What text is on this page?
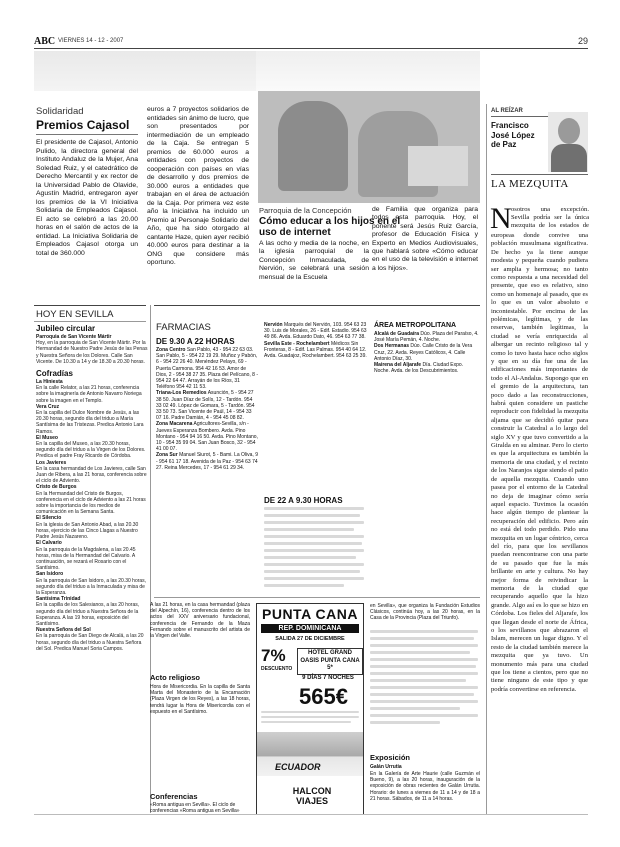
ABC VIERNES 14 - 12 - 2007	29
Solidaridad
Premios Cajasol
El presidente de Cajasol, Antonio Pulido, la directora general del Instituto Andaluz de la Mujer, Ana Soledad Ruiz, y el catedrático de Derecho Mercantil y ex rector de la Universidad Pablo de Olavide, Agustín Madrid, entregaron ayer los premios de la VI Iniciativa Solidaria de Empleados Cajasol. El acto se celebró a las 20.00 horas en el salón de actos de la entidad. La Iniciativa Solidaria de Empleados Cajasol otorga un total de 360.000
euros a 7 proyectos solidarios de entidades sin ánimo de lucro, que son presentados por intermediación de un empleado de la Caja. Se entregan 5 premios de 60.000 euros a entidades con proyectos de cooperación con países en vías de desarrollo y dos premios de 30.000 euros a entidades que trabajan en el área de actuación de la Caja. Por primera vez este año la Iniciativa ha incluido un Premio al Personaje Solidario del Año, que ha sido otorgado al cantante Haze, quien ayer recibió 40.000 euros para destinar a la ONG que considere más oportuno.
Parroquia de la Concepción
Cómo educar a los hijos en el uso de internet
A las ocho y media de la noche, en la iglesia parroquial de la Concepción Inmaculada, de Nervión, se celebrará una sesión mensual de la Escuela
de Familia que organiza para todos esta parroquia. Hoy, el ponente será Jesús Ruiz García, profesor de Educación Física y Experto en Medios Audiovisuales, que hablará sobre «Cómo educar en el uso de la televisión e internet a los hijos».
AL REÍZAR
Francisco José López de Paz
LA MEZQUITA
N osotros una excepción. Sevilla podría ser la única mezquita de los estados de
europeas donde convive una población musulmana significativa. De hecho ya la tiene aunque modesta y pequeña cuando pudiera ser amplia y hermosa; no tanto como respuesta a una necesidad del presente, que eso es relativo, sino como un homenaje al pasado, que es lo que es un valor absoluto e incontestable. Por encima de las polémicas, legítimas, y de las reservas, también legítimas, la ciudad se vería enriquecida al albergar un recinto religioso tal y como lo tuvo hasta hace ocho siglos y que en su día fue una de las edificaciones más importantes de todo el Al-Andalus. Supongo que en el gremio de la arquitectura, tan poco dado a las reconstrucciones, habrá quien considere un pastiche reproducir con fidelidad la mezquita aljama que se decidió quitar para construir la Catedral a lo largo del siglo XV y que tuvo convertido a la Giralda en su alminar. Pero lo cierto es que la arquitectura es también la memoria de una ciudad, y el recinto de los Naranjos sigue siendo el patio de aquella mezquita. Cuando uno pasea por el entorno de la Catedral no deja de imaginar cómo sería aquel espacio. Tuvimos la ocasión hace algún tiempo de plantear la recuperación del edificio. Pero aún no está del todo perdido. Pido una mezquita en un lugar céntrico, cerca del río, para que los sevillanos puedan reencontrarse con una parte de su pasado que fue la más brillante en arte y cultura. No hay mejor forma de reivindicar la memoria de la ciudad que recuperando aquello que la hizo grande. Algo así es lo que se hizo en Córdoba. Los fieles del Aljarafe, los que llegan desde el norte de África, o los sevillanos que abrazaron el Islam, merecen un lugar digno. Y el resto de la ciudad también merece la mezquita que ya tuvo. Un monumento más para una ciudad que los tiene a cientos, pero que no tiene ninguno de este tipo y que podría convertirse en referencia.
HOY EN SEVILLA
Jubileo circular
Parroquia de San Vicente Mártir
Hoy, en la parroquia de San Vicente Mártir. Por la Hermandad de Nuestro Padre Jesús de las Penas y Nuestra Señora de los Dolores. Calle San Vicente. De 10.30 a 14 y de 18.30 a 20.30 horas.
Cofradías
La Hiniesta
En la calle Relator, a las 21 horas, conferencia sobre la imaginería de Antonio Navarro Noriega sobre la imagen en el Templo.
Vera Cruz
En la capilla del Dulce Nombre de Jesús, a las 20.30 horas, segundo día del triduo a María Santísima de las Tristezas. Predica Antonio Lara Ramos.
El Museo
En la capilla del Museo, a las 20.30 horas, segundo día del triduo a la Virgen de los Dolores. Predica el padre Fray Ricardo de Córdoba.
Los Javieres
En la casa hermandad de Los Javieres, calle San Juan de Ribera, a las 21 horas, conferencia sobre el ciclo de Adviento.
Cristo de Burgos
En la Hermandad del Cristo de Burgos, conferencia en el ciclo de Adviento a las 21 horas sobre la importancia de los medios de comunicación en la Semana Santa.
El Silencio
En la iglesia de San Antonio Abad, a las 20.30 horas, ejercicio de las Cinco Llagas a Nuestro Padre Jesús Nazareno.
El Calvario
En la parroquia de la Magdalena, a las 20.45 horas, misa de la Hermandad del Calvario. A continuación, se rezará el Rosario con el Santísimo.
San Isidoro
En la parroquia de San Isidoro, a las 20.30 horas, segundo día del triduo a la Inmaculada y misa de la Esperanza.
Santísima Trinidad
En la capilla de los Salesianos, a las 20 horas, segundo día del triduo a Nuestra Señora de la Esperanza. A las 19 horas, exposición del Santísimo.
Nuestra Señora del Sol
En la parroquia de San Diego de Alcalá, a las 20 horas, segundo día del triduo a Nuestra Señora del Sol. Predica Manuel Soria Campos.
FARMACIAS
DE 9.30 A 22 HORAS
Zona Centro San Pablo, 43 - 954 22 63 03. San Pablo, 5 - 954 22 19 29. Muñoz y Pabón, 6 - 954 22 26 40. Menéndez Pelayo, 69 - Puerta Carmona. 954 42 16 53. Amor de Dios, 2 - 954 38 27 35. Plaza del Pelícano, 8 - 954 22 64 47. Arrayán de los Ríos, 31 Teléfono 954 42 11 53.
Triana-Los Remedios Asunción, 5 - 954 27 38 50. Juan Díaz de Solís, 12 - Tardón. 954 33 02 49. López de Gomara, 5 - Tardón. 954 33 50 73. San Vicente de Paúl, 14 - 954 33 07 16. Padre Damián, 4 - 954 45 08 82.
Zona Macarena Agricultores-Sevilla, s/n - Jueves Esperanza Bombero. Avda. Pino Montano - 954 94 16 50. Avda. Pino Montano, 10 - 954 35 99 04. San Juan Bosco, 32 - 954 41 00 07.
Zona Sur Manuel Siurot, 5 - Bami. La Oliva, 9 - 954 61 17 18. Avenida de la Paz - 954 63 74 27. Reina Mercedes, 17 - 954 61 29 34.
Nervión Marqués del Nervión, 103. 954 63 23 30. Luis de Morales, 26 - Edif. Estadio. 954 63 49 86. Avda. Eduardo Dato, 46. 954 63 77 38.
Sevilla Este - Rochelambert Médicos Sin Fronteras, 8 - Edif. Las Palmas. 954 40 64 12. Avda. Guadajoz, Rochelambert. 954 63 25 39.
DE 22 A 9.30 HORAS
ÁREA METROPOLITANA
Alcalá de Guadaíra Dúo. Plaza del Paraíso, 4. José María Pemán, 4. Noche.
Dos Hermanas Dúo. Calle Cristo de la Vera Cruz, 22. Avda. Reyes Católicos, 4. Calle Antonio Díaz, 30.
Mairena del Aljarafe Día. Ciudad Expo. Noche. Avda. de los Descubrimientos.
A las 21 horas, en la casa hermandad (plaza del Alpechín, 16), conferencia dentro de los actos del XXV aniversario fundacional, conferencia de Fernando de la Maza Fernando sobre el manuscrito del artista de la Virgen del Valle.
Acto religioso
Hora de Misericordia. En la capilla de Santa Marta del Monasterio de la Encarnación (Plaza Virgen de los Reyes), a las 18 horas, tendrá lugar la Hora de Misericordia con el expuesto en el Santísimo.
Conferencias
«Roma antigua en Sevilla». El ciclo de conferencias «Roma antigua en Sevilla»
PUNTA CANA
REP. DOMINICANA
SALIDA 27 DE DICIEMBRE
7%
DESCUENTO
HOTEL GRAND OASIS PUNTA CANA 5*
9 DÍAS 7 NOCHES
565€
ECUADOR
HALCON VIAJES
en Sevilla», que organiza la Fundación Estudios Clásicos, continúa hoy, a las 20 horas, en la Casa de la Provincia (Plaza del Triunfo).
Exposición
Galán Urrutia
En la Galería de Arte Haurie (calle Guzmán el Bueno, 9), a las 20 horas, inauguración de la exposición de obras recientes de Galán Urrutia. Horario: de lunes a viernes de 11 a 14 y de 18 a 21 horas. Sábados, de 11 a 14 horas.
